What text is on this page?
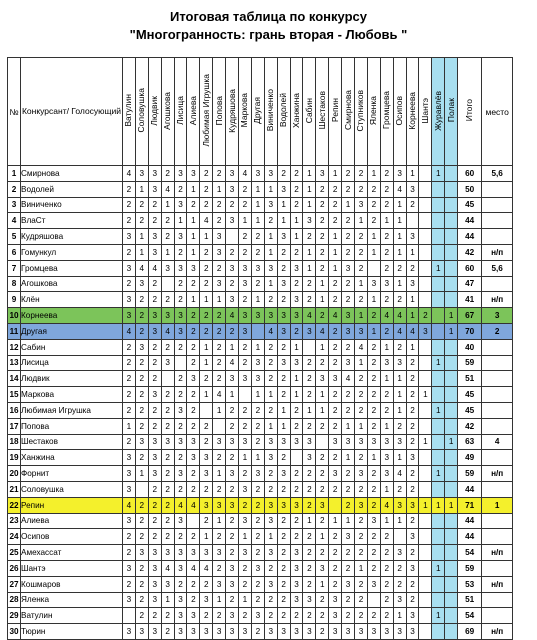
Итоговая таблица по конкурсу
"Многогранность: грань вторая - Любовь "
№	Конкурсант/ Голосующий	Ватулин	Соловушка	Людвик	Агошкова	Лисица	Алиева	Любимая Игрушка	Попова	Кудряшова	Маркова	Другая	Виниченко	Водолей	Ханжина	Сабин	Шестаков	Репин	Смирнова	Ступников	Яленка	Громцева	Осипов	Корнеева	Шантэ	Журавлёв	Полак	Итого	место
1	Смирнова	4	3	3	2	3	3	2	2	3	4	3	3	2	2	1	3	1	2	2	1	2	3	1		1		60	5,6
2	Водолей	2	1	3	4	2	1	2	1	3	2	1	1	3	2	1	2	2	2	2	2	2	4	3				50	
3	Виниченко	2	2	2	1	3	2	2	2	2	2	1	3	1	2	1	2	2	1	3	2	2	1	2				45	
4	ВлаСт	2	2	2	2	1	1	4	2	3	1	1	2	1	1	3	2	2	2	1	2	1	1					44	
5	Кудряшова	3	1	3	2	3	1	1	3		2	2	1	3	1	2	2	1	2	2	1	2	1	3				44	
6	Гомункул	2	1	3	1	2	1	2	3	2	2	2	1	2	2	1	2	1	2	2	1	2	1	1				42	н/п
7	Громцева	3	4	4	3	3	3	2	2	3	3	3	3	2	3	1	2	1	3	2		2	2	2		1		60	5,6
8	Агошкова	2	3	2		2	2	2	3	2	3	2	1	3	2	2	1	2	2	1	3	3	1	3				47	
9	Клён	3	2	2	2	2	1	1	1	3	2	1	2	2	3	2	1	2	2	2	1	2	2	1				41	н/п
10	Корнеева	3	2	3	3	3	2	2	2	4	3	3	3	3	3	4	2	4	3	1	2	4	4	1	2		1	67	3
11	Другая	4	2	3	4	3	2	2	2	2	3		4	3	2	3	4	2	3	3	1	2	4	4	3		1	70	2
12	Сабин	2	3	2	2	2	2	1	2	1	2	1	2	2	1		1	2	2	4	2	1	2	1				40	
13	Лисица	2	2	2	3		2	1	2	4	2	3	2	3	3	2	2	2	3	1	2	3	3	2		1		59	
14	Людвик	2	2	2		2	3	2	2	3	3	3	2	2	1	2	3	3	4	2	2	1	1	2				51	
15	Маркова	2	2	3	2	2	2	1	4	1		1	1	2	1	2	1	2	2	2	2	2	1	2	1			45	
16	Любимая Игрушка	2	2	2	2	3	2		1	2	2	2	2	1	2	1	1	2	2	2	2	2	1	2		1		45	
17	Попова	1	2	2	2	2	2	2		2	2	2	1	1	2	2	2	2	1	1	2	1	2	2				42	
18	Шестаков	2	3	3	3	3	3	2	3	3	3	2	3	3	3	3		3	3	3	3	3	3	2	1		1	63	4
19	Ханжина	3	2	3	2	2	3	3	2	2	1	1	3	2		3	2	2	1	2	1	3	1	3				49	
20	Форнит	3	1	3	2	3	2	3	1	3	2	3	2	3	2	2	2	3	2	3	2	3	4	2		1		59	н/п
21	Соловушка	3		2	2	2	2	2	2	2	3	2	2	2	2	2	2	2	2	2	2	1	2	2				44	
22	Репин	4	2	2	2	4	4	3	3	3	2	2	3	3	3	2	3		2	3	2	4	3	3	1	1	1	71	1
23	Алиева	3	2	2	2	3		2	1	2	3	2	3	2	2	1	2	1	1	2	3	1	1	2				44	
24	Осипов	2	2	2	2	2	2	1	2	2	1	2	1	2	2	2	1	2	3	2	2	2		3				44	
25	Амехассат	2	3	3	3	3	3	3	3	2	3	2	3	2	3	2	2	2	2	2	2	2	3	2				54	н/п
26	Шантэ	3	2	3	4	3	4	4	2	3	2	3	2	2	3	2	3	2	2	1	2	2	2	3		1		59	
27	Кошмаров	2	2	3	3	2	2	2	3	3	2	2	3	2	3	2	1	2	3	2	3	2	2	2				53	н/п
28	Яленка	3	2	3	1	3	2	3	1	2	1	2	2	2	3	3	2	3	2	2		2	3	2				51	
29	Ватулин		2	2	2	3	3	2	2	3	2	3	2	2	2	2	2	3	2	2	2	2	1	3		1		54	
30	Тюрин	3	3	3	2	3	3	3	3	3	3	2	3	3	3	3	2	3	3	3	3	3	3	3				69	н/п
